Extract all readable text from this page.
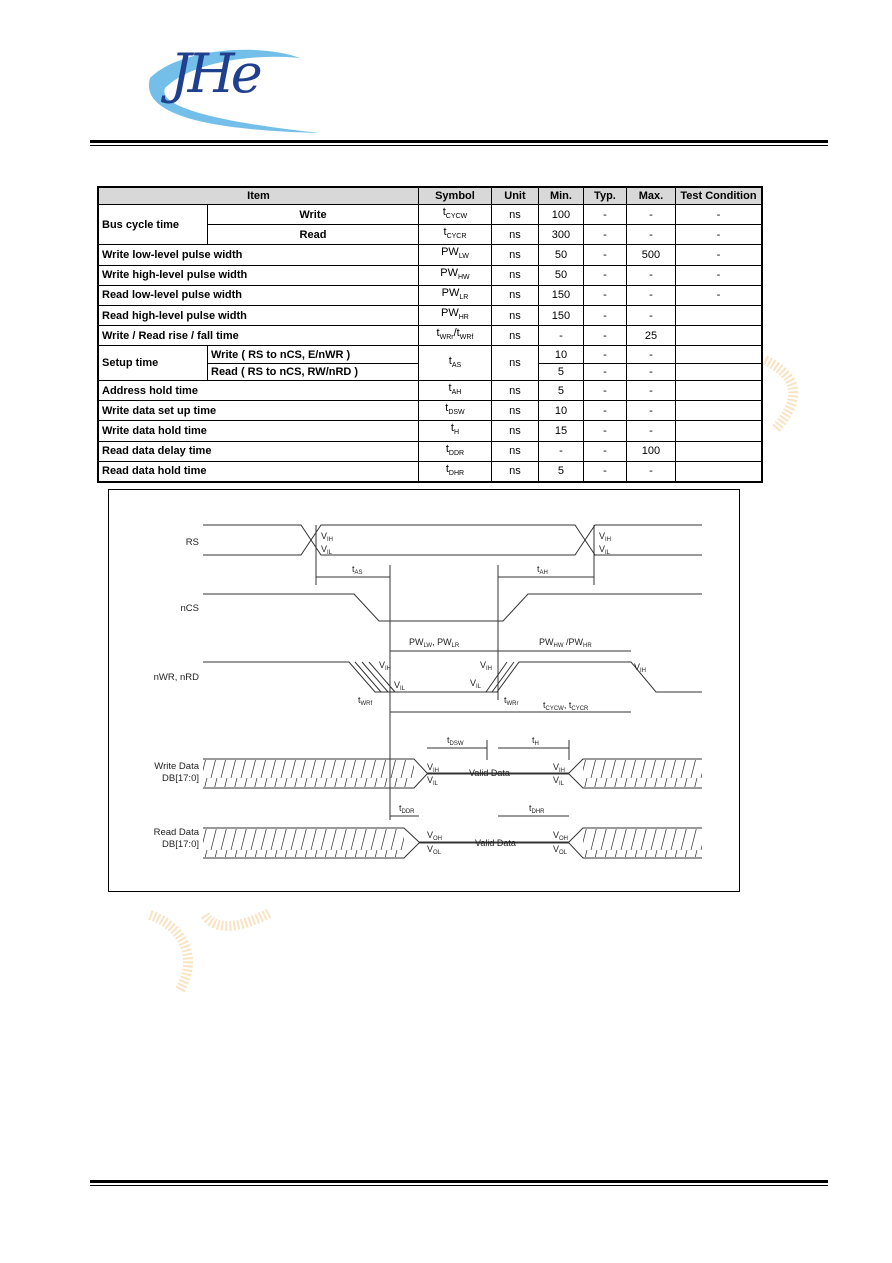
JHe
Item		Symbol	Unit	Min.	Typ.	Max.	Test Condition
Bus cycle time	Write	$t_{CYCW}$	ns	100	-	-	-
	Read	$t_{CYCR}$	ns	300	-	-	-
Write low-level pulse width		$PW_{LW}$	ns	50	-	500	-
Write high-level pulse width		$PW_{HW}$	ns	50	-	-	-
Read low-level pulse width		$PW_{LR}$	ns	150	-	-	-
Read high-level pulse width		$PW_{HR}$	ns	150	-	-	
Write / Read rise / fall time		$t_{WRr}/t_{WRf}$	ns	-	-	25	
Setup time	Write ( RS to nCS, E/nWR )	$t_{AS}$	ns	10	-	-	
	Read ( RS to nCS, RW/nRD )			5	-	-	
Address hold time		$t_{AH}$	ns	5	-	-	
Write data set up time		$t_{DSW}$	ns	10	-	-	
Write data hold time		$t_H$	ns	15	-	-	
Read data delay time		$t_{DDR}$	ns	-	-	100	
Read data hold time		$t_{DHR}$	ns	5	-	-	
RS
nCS
nWR, nRD
Write Data
DB[17:0]
Read Data
DB[17:0]
$V_{IH}$
$V_{IL}$
$V_{IH}$
$V_{IL}$
$V_{IH}$
$V_{IL}$
$V_{IH}$
$V_{IL}$
$V_{IH}$
$V_{IH}$
$V_{IL}$
$V_{IH}$
$V_{IL}$
$V_{OH}$
$V_{OL}$
$V_{OH}$
$V_{OL}$
Valid Data
Valid Data
$t_{AS}$	$t_{AH}$
$PW_{LW}$, $PW_{LR}$	$PW_{HW}$ $/PW_{HR}$
$t_{WRf}$	$t_{WRr}$	$t_{CYCW}$, $t_{CYCR}$
$t_{DSW}$	$t_H$
$t_{DDR}$	$t_{DHR}$
